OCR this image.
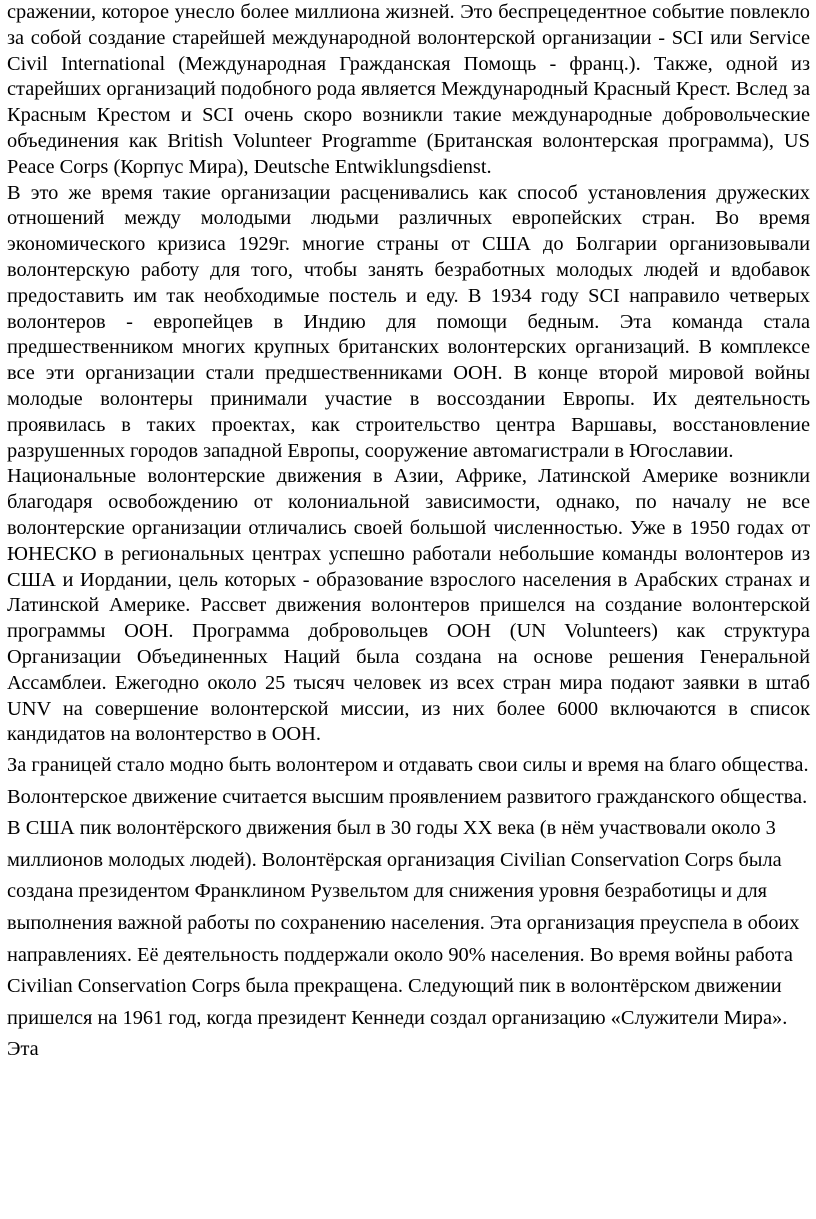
сражении, которое унесло более миллиона жизней. Это беспрецедентное событие повлекло за собой создание старейшей международной волонтерской организации - SCI или Service Civil International (Международная Гражданская Помощь - франц.). Также, одной из старейших организаций подобного рода является Международный Красный Крест. Вслед за Красным Крестом и SCI очень скоро возникли такие международные добровольческие объединения как British Volunteer Programme (Британская волонтерская программа), US Peace Corps (Корпус Мира), Deutsche Entwiklungsdienst.

В это же время такие организации расценивались как способ установления дружеских отношений между молодыми людьми различных европейских стран. Во время экономического кризиса 1929г. многие страны от США до Болгарии организовывали волонтерскую работу для того, чтобы занять безработных молодых людей и вдобавок предоставить им так необходимые постель и еду. В 1934 году SCI направило четверых волонтеров - европейцев в Индию для помощи бедным. Эта команда стала предшественником многих крупных британских волонтерских организаций. В комплексе все эти организации стали предшественниками ООН. В конце второй мировой войны молодые волонтеры принимали участие в воссоздании Европы. Их деятельность проявилась в таких проектах, как строительство центра Варшавы, восстановление разрушенных городов западной Европы, сооружение автомагистрали в Югославии.

Национальные волонтерские движения в Азии, Африке, Латинской Америке возникли благодаря освобождению от колониальной зависимости, однако, по началу не все волонтерские организации отличались своей большой численностью. Уже в 1950 годах от ЮНЕСКО в региональных центрах успешно работали небольшие команды волонтеров из США и Иордании, цель которых - образование взрослого населения в Арабских странах и Латинской Америке. Рассвет движения волонтеров пришелся на создание волонтерской программы ООН. Программа добровольцев ООН (UN Volunteers) как структура Организации Объединенных Наций была создана на основе решения Генеральной Ассамблеи. Ежегодно около 25 тысяч человек из всех стран мира подают заявки в штаб UNV на совершение волонтерской миссии, из них более 6000 включаются в список кандидатов на волонтерство в ООН.

За границей стало модно быть волонтером и отдавать свои силы и время на благо общества. Волонтерское движение считается высшим проявлением развитого гражданского общества. В США пик волонтёрского движения был в 30 годы ХХ века (в нём участвовали около 3 миллионов молодых людей). Волонтёрская организация Civilian Conservation Corps была создана президентом Франклином Рузвельтом для снижения уровня безработицы и для выполнения важной работы по сохранению населения. Эта организация преуспела в обоих направлениях. Её деятельность поддержали около 90% населения. Во время войны работа Civilian Conservation Corps была прекращена. Следующий пик в волонтёрском движении пришелся на 1961 год, когда президент Кеннеди создал организацию «Служители Мира». Эта
